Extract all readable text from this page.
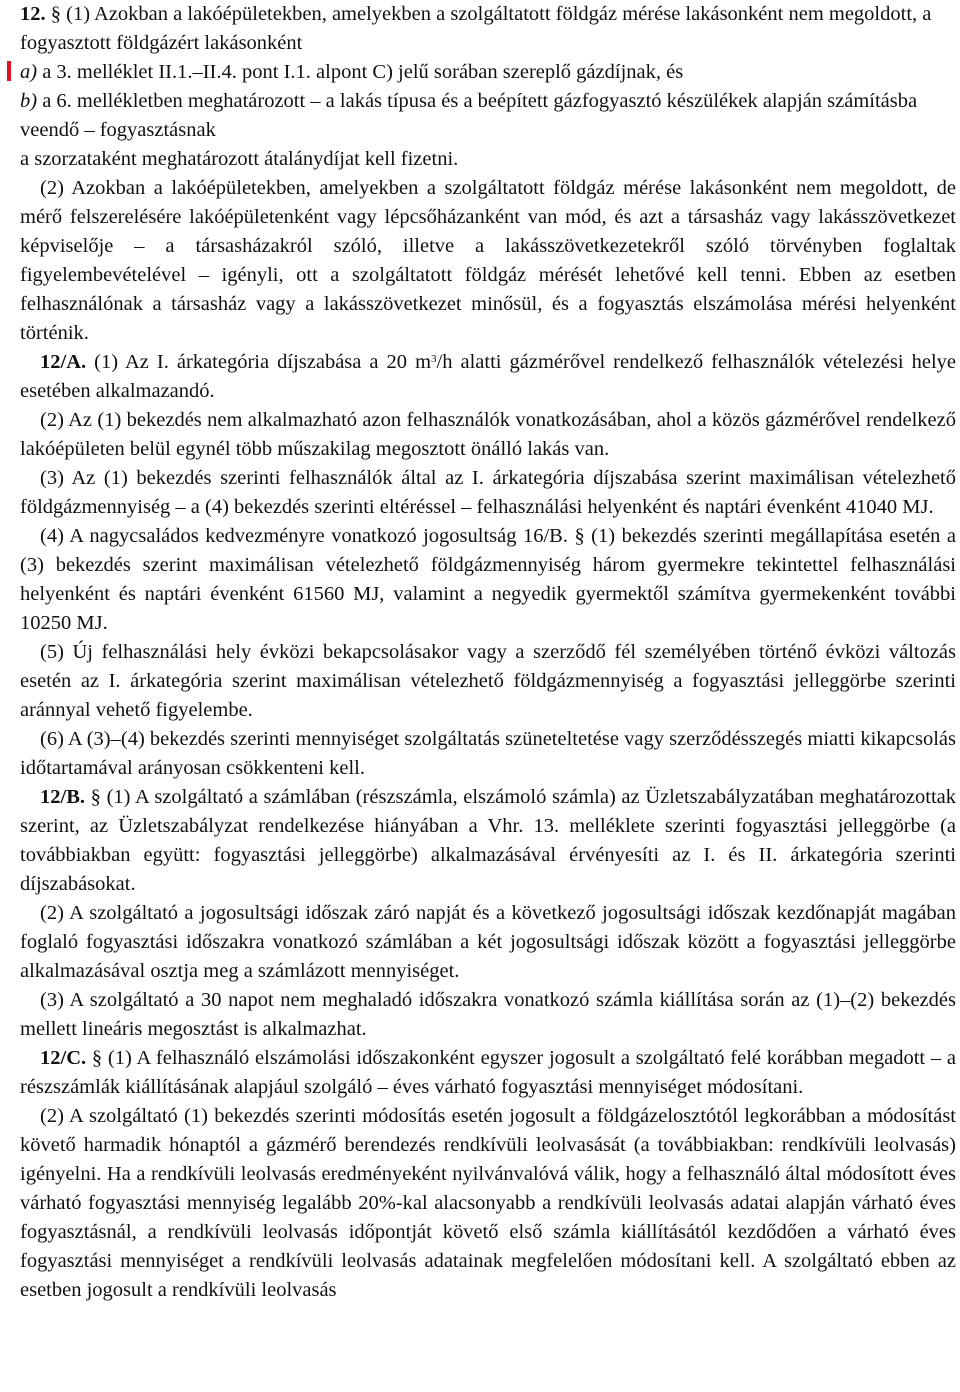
12. § (1) Azokban a lakóépületekben, amelyekben a szolgáltatott földgáz mérése lakásonként nem megoldott, a fogyasztott földgázért lakásonként

a) a 3. melléklet II.1.–II.4. pont I.1. alpont C) jelű sorában szereplő gázdíjnak, és

b) a 6. mellékletben meghatározott – a lakás típusa és a beépített gázfogyasztó készülékek alapján számításba veendő – fogyasztásnak

a szorzataként meghatározott átalánydíjat kell fizetni.

(2) Azokban a lakóépületekben, amelyekben a szolgáltatott földgáz mérése lakásonként nem megoldott, de mérő felszerelésére lakóépületenként vagy lépcsőházanként van mód, és azt a társasház vagy lakásszövetkezet képviselője – a társasházakról szóló, illetve a lakásszövetkezetekről szóló törvényben foglaltak figyelembevételével – igényli, ott a szolgáltatott földgáz mérését lehetővé kell tenni. Ebben az esetben felhasználónak a társasház vagy a lakásszövetkezet minősül, és a fogyasztás elszámolása mérési helyenként történik.

12/A. (1) Az I. árkategória díjszabása a 20 $m^3/h$ alatti gázmérővel rendelkező felhasználók vételezési helye esetében alkalmazandó.

(2) Az (1) bekezdés nem alkalmazható azon felhasználók vonatkozásában, ahol a közös gázmérővel rendelkező lakóépületen belül egynél több műszakilag megosztott önálló lakás van.

(3) Az (1) bekezdés szerinti felhasználók által az I. árkategória díjszabása szerint maximálisan vételezhető földgázmennyiség – a (4) bekezdés szerinti eltéréssel – felhasználási helyenként és naptári évenként 41040 MJ.

(4) A nagycsaládos kedvezményre vonatkozó jogosultság 16/B. § (1) bekezdés szerinti megállapítása esetén a (3) bekezdés szerint maximálisan vételezhető földgázmennyiség három gyermekre tekintettel felhasználási helyenként és naptári évenként 61560 MJ, valamint a negyedik gyermektől számítva gyermekenként további 10250 MJ.

(5) Új felhasználási hely évközi bekapcsolásakor vagy a szerződő fél személyében történő évközi változás esetén az I. árkategória szerint maximálisan vételezhető földgázmennyiség a fogyasztási jelleggörbe szerinti aránnyal vehető figyelembe.

(6) A (3)–(4) bekezdés szerinti mennyiséget szolgáltatás szüneteltetése vagy szerződésszegés miatti kikapcsolás időtartamával arányosan csökkenteni kell.

12/B. § (1) A szolgáltató a számlában (részszámla, elszámoló számla) az Üzletszabályzatában meghatározottak szerint, az Üzletszabályzat rendelkezése hiányában a Vhr. 13. melléklete szerinti fogyasztási jelleggörbe (a továbbiakban együtt: fogyasztási jelleggörbe) alkalmazásával érvényesíti az I. és II. árkategória szerinti díjszabásokat.

(2) A szolgáltató a jogosultsági időszak záró napját és a következő jogosultsági időszak kezdőnapját magában foglaló fogyasztási időszakra vonatkozó számlában a két jogosultsági időszak között a fogyasztási jelleggörbe alkalmazásával osztja meg a számlázott mennyiséget.

(3) A szolgáltató a 30 napot nem meghaladó időszakra vonatkozó számla kiállítása során az (1)–(2) bekezdés mellett lineáris megosztást is alkalmazhat.

12/C. § (1) A felhasználó elszámolási időszakonként egyszer jogosult a szolgáltató felé korábban megadott – a részszámlák kiállításának alapjául szolgáló – éves várható fogyasztási mennyiséget módosítani.

(2) A szolgáltató (1) bekezdés szerinti módosítás esetén jogosult a földgázelosztótól legkorábban a módosítást követő harmadik hónaptól a gázmérő berendezés rendkívüli leolvasását (a továbbiakban: rendkívüli leolvasás) igényelni. Ha a rendkívüli leolvasás eredményeként nyilvánvalóvá válik, hogy a felhasználó által módosított éves várható fogyasztási mennyiség legalább 20%-kal alacsonyabb a rendkívüli leolvasás adatai alapján várható éves fogyasztásnál, a rendkívüli leolvasás időpontját követő első számla kiállításától kezdődően a várható éves fogyasztási mennyiséget a rendkívüli leolvasás adatainak megfelelően módosítani kell. A szolgáltató ebben az esetben jogosult a rendkívüli leolvasás
